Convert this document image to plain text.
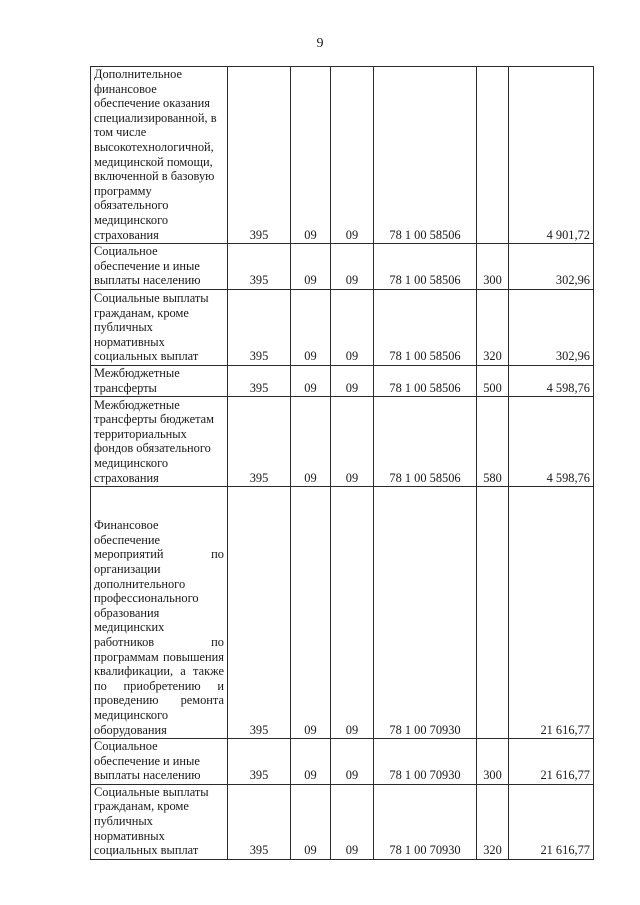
9
Дополнительное финансовое обеспечение оказания специализированной, в том числе высокотехнологичной, медицинской помощи, включенной в базовую программу обязательного медицинского страхования	395	09	09	78 1 00 58506		4 901,72
Социальное обеспечение и иные выплаты населению	395	09	09	78 1 00 58506	300	302,96
Социальные выплаты гражданам, кроме публичных нормативных социальных выплат	395	09	09	78 1 00 58506	320	302,96
Межбюджетные трансферты	395	09	09	78 1 00 58506	500	4 598,76
Межбюджетные трансферты бюджетам территориальных фондов обязательного медицинского страхования	395	09	09	78 1 00 58506	580	4 598,76
Финансовое обеспечение мероприятий по организации дополнительного профессионального образования медицинских работников по программам повышения квалификации, а также по приобретению и проведению ремонта медицинского оборудования	395	09	09	78 1 00 70930		21 616,77
Социальное обеспечение и иные выплаты населению	395	09	09	78 1 00 70930	300	21 616,77
Социальные выплаты гражданам, кроме публичных нормативных социальных выплат	395	09	09	78 1 00 70930	320	21 616,77
